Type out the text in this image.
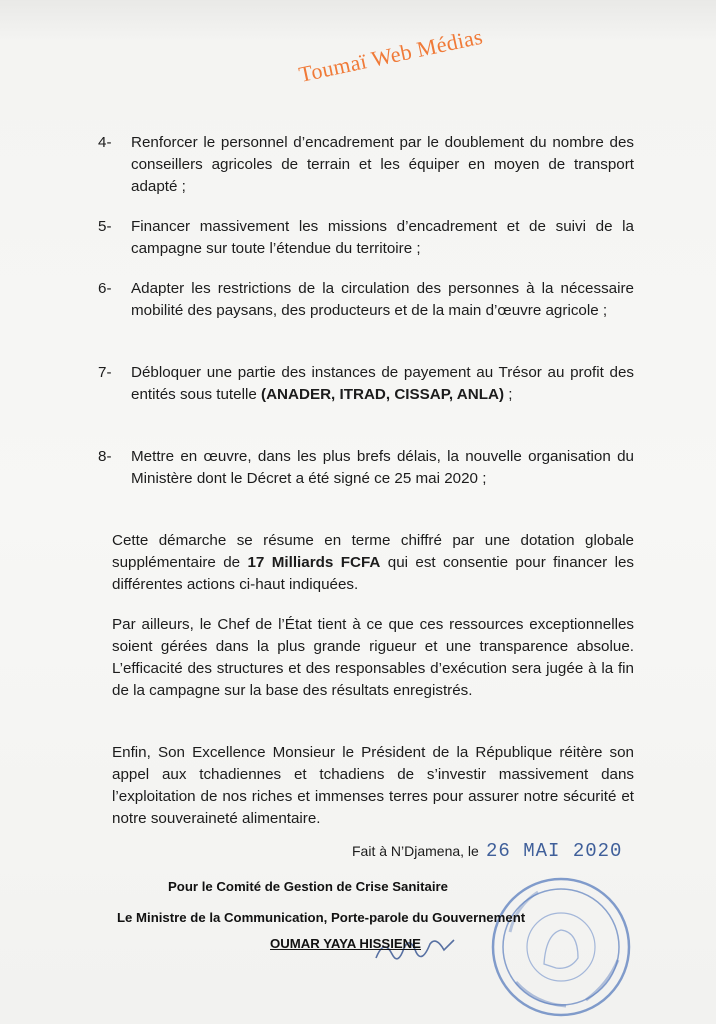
Toumaï Web Médias
4-	Renforcer le personnel d’encadrement par le doublement du nombre des conseillers agricoles de terrain et les équiper en moyen de transport adapté ;
5-	Financer massivement les missions d’encadrement et de suivi de la campagne sur toute l’étendue du territoire ;
6-	Adapter les restrictions de la circulation des personnes à la nécessaire mobilité des paysans, des producteurs et de la main d’œuvre agricole ;
7-	Débloquer une partie des instances de payement au Trésor au profit des entités sous tutelle (ANADER, ITRAD, CISSAP, ANLA) ;
8-	Mettre en œuvre, dans les plus brefs délais, la nouvelle organisation du Ministère dont le Décret a été signé ce 25 mai 2020 ;
Cette démarche se résume en terme chiffré par une dotation globale supplémentaire de 17 Milliards FCFA qui est consentie pour financer les différentes actions ci-haut indiquées.
Par ailleurs, le Chef de l’État tient à ce que ces ressources exceptionnelles soient gérées dans la plus grande rigueur et une transparence absolue. L’efficacité des structures et des responsables d’exécution sera jugée à la fin de la campagne sur la base des résultats enregistrés.
Enfin, Son Excellence Monsieur le Président de la République réitère son appel aux tchadiennes et tchadiens de s’investir massivement dans l’exploitation de nos riches et immenses terres pour assurer notre sécurité et notre souveraineté alimentaire.
Fait à N’Djamena, le 26 MAI 2020
Pour le Comité de Gestion de Crise Sanitaire
Le Ministre de la Communication, Porte-parole du Gouvernement
OUMAR YAYA HISSIENE
